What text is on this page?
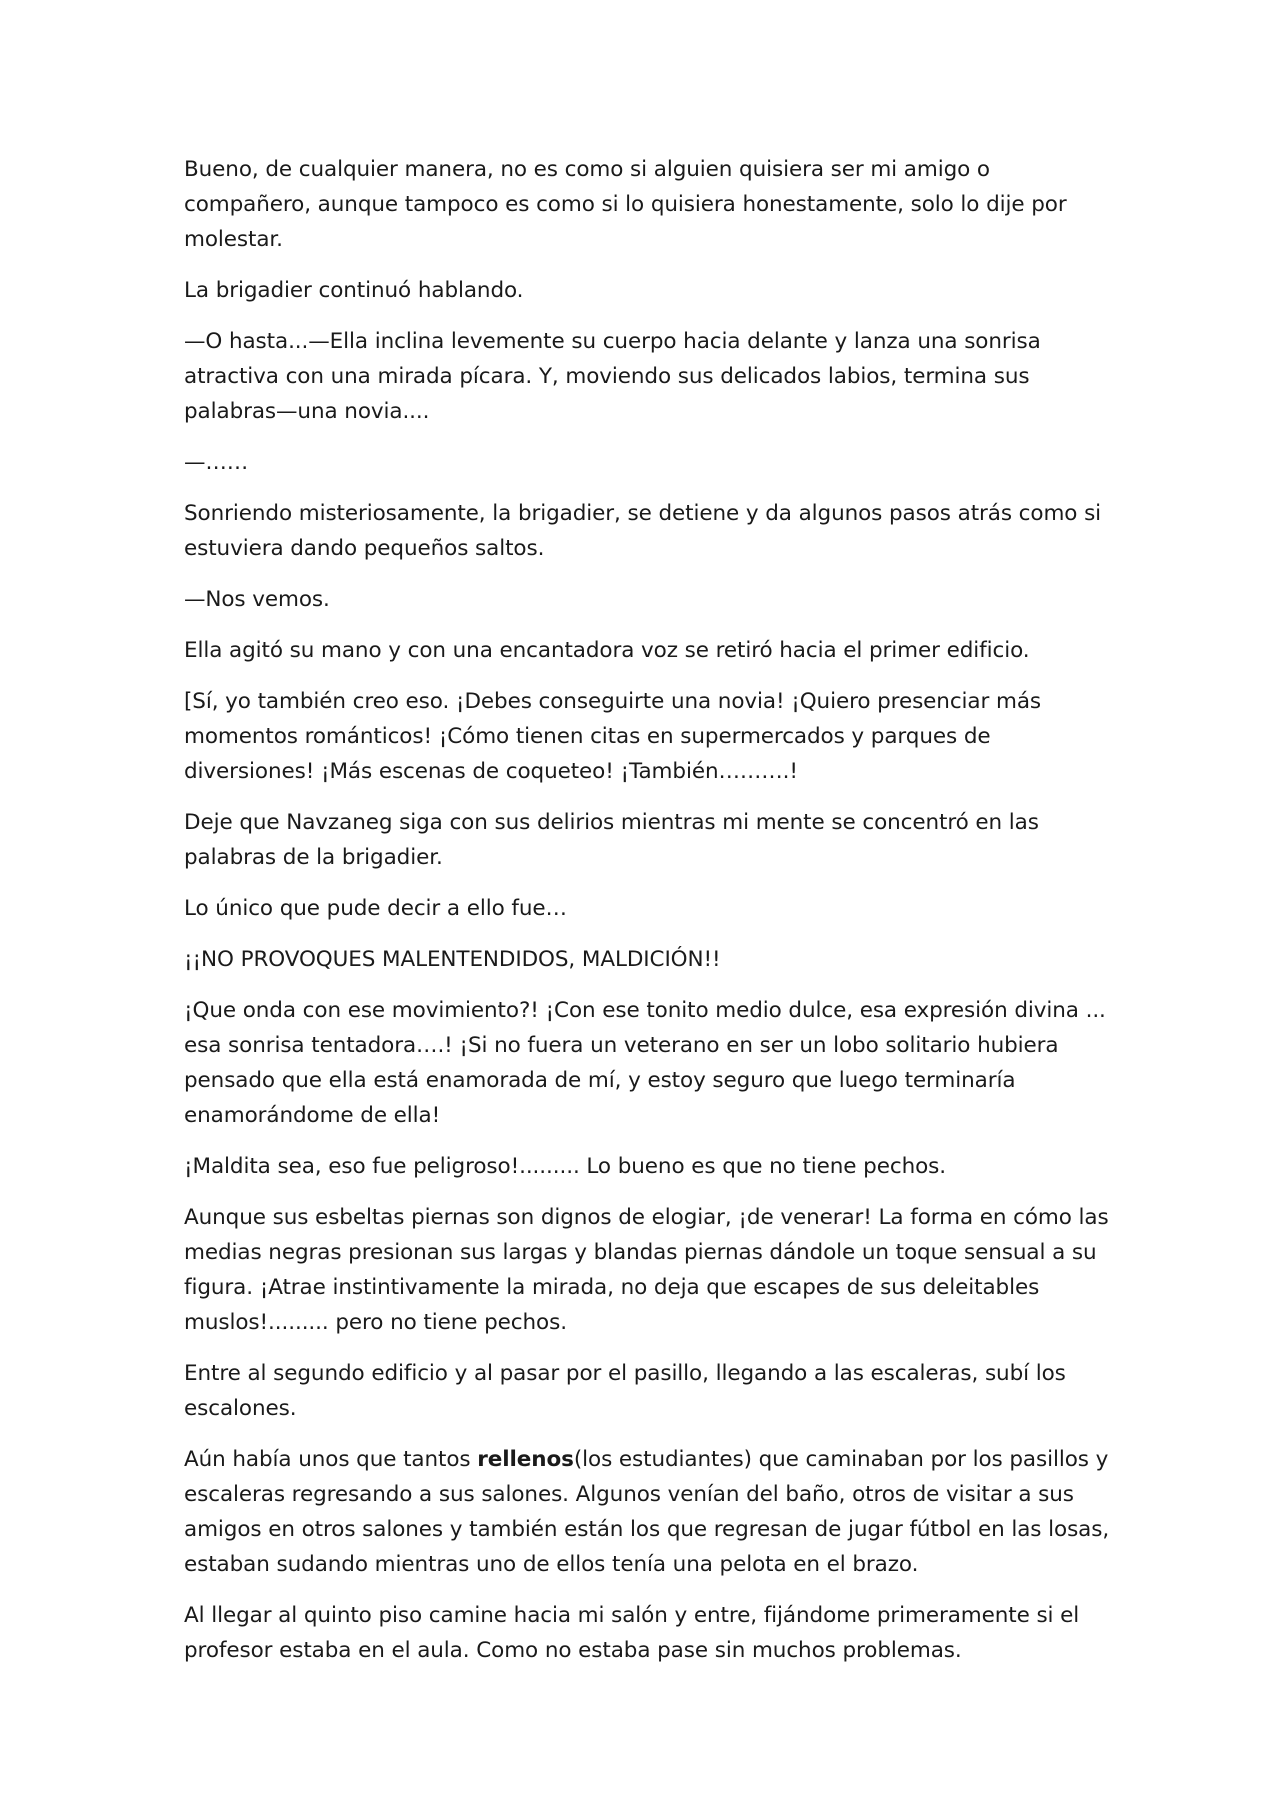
Bueno, de cualquier manera, no es como si alguien quisiera ser mi amigo o compañero, aunque tampoco es como si lo quisiera honestamente, solo lo dije por molestar.

La brigadier continuó hablando.

—O hasta...—Ella inclina levemente su cuerpo hacia delante y lanza una sonrisa atractiva con una mirada pícara. Y, moviendo sus delicados labios, termina sus palabras—una novia....

—……

Sonriendo misteriosamente, la brigadier, se detiene y da algunos pasos atrás como si estuviera dando pequeños saltos.

—Nos vemos.

Ella agitó su mano y con una encantadora voz se retiró hacia el primer edificio.

[Sí, yo también creo eso. ¡Debes conseguirte una novia! ¡Quiero presenciar más momentos románticos! ¡Cómo tienen citas en supermercados y parques de diversiones! ¡Más escenas de coqueteo! ¡También……….!

Deje que Navzaneg siga con sus delirios mientras mi mente se concentró en las palabras de la brigadier.

Lo único que pude decir a ello fue…

¡¡NO PROVOQUES MALENTENDIDOS, MALDICIÓN!!

¡Que onda con ese movimiento?! ¡Con ese tonito medio dulce, esa expresión divina ... esa sonrisa tentadora….! ¡Si no fuera un veterano en ser un lobo solitario hubiera pensado que ella está enamorada de mí, y estoy seguro que luego terminaría enamorándome de ella!

¡Maldita sea, eso fue peligroso!......... Lo bueno es que no tiene pechos.

Aunque sus esbeltas piernas son dignos de elogiar, ¡de venerar! La forma en cómo las medias negras presionan sus largas y blandas piernas dándole un toque sensual a su figura. ¡Atrae instintivamente la mirada, no deja que escapes de sus deleitables muslos!......... pero no tiene pechos.

Entre al segundo edificio y al pasar por el pasillo, llegando a las escaleras, subí los escalones.

Aún había unos que tantos rellenos(los estudiantes) que caminaban por los pasillos y escaleras regresando a sus salones. Algunos venían del baño, otros de visitar a sus amigos en otros salones y también están los que regresan de jugar fútbol en las losas, estaban sudando mientras uno de ellos tenía una pelota en el brazo.

Al llegar al quinto piso camine hacia mi salón y entre, fijándome primeramente si el profesor estaba en el aula. Como no estaba pase sin muchos problemas.
